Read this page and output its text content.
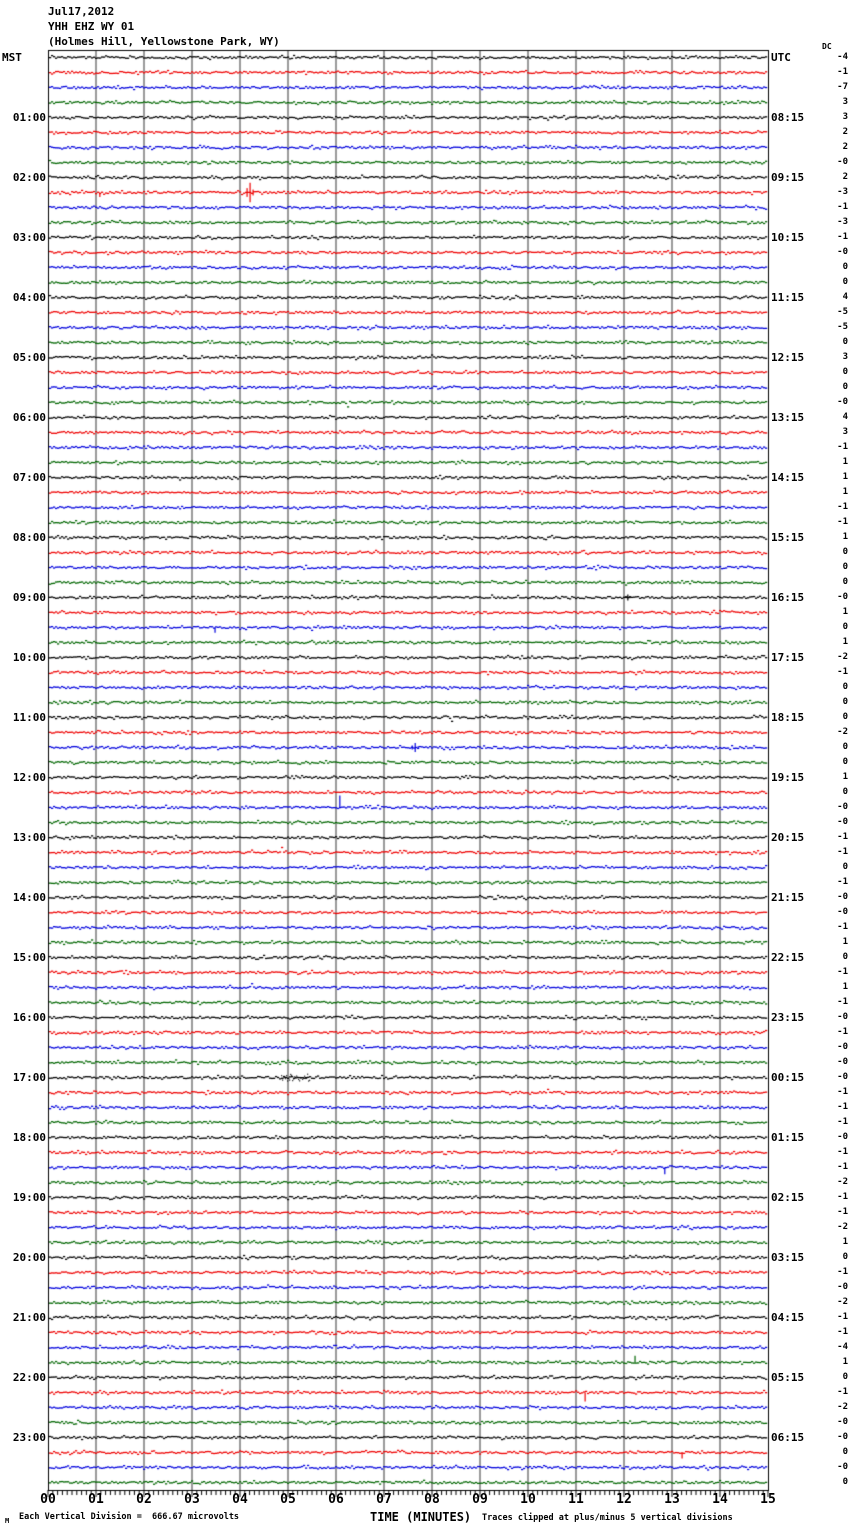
Jul17,2012
YHH EHZ WY 01
(Holmes Hill, Yellowstone Park, WY)
MST
01:00
02:00
03:00
04:00
05:00
06:00
07:00
08:00
09:00
10:00
11:00
12:00
13:00
14:00
15:00
16:00
17:00
18:00
19:00
20:00
21:00
22:00
23:00
UTC
08:15
09:15
10:15
11:15
12:15
13:15
14:15
15:15
16:15
17:15
18:15
19:15
20:15
21:15
22:15
23:15
00:15
01:15
02:15
03:15
04:15
05:15
06:15
-4
-1
-7
3
3
2
2
-0
2
-3
-1
-3
-1
-0
0
0
4
-5
-5
0
3
0
0
-0
4
3
-1
1
1
1
-1
-1
1
0
0
0
-0
1
0
1
-2
-1
0
0
0
-2
0
0
1
0
-0
-0
-1
-1
0
-1
-0
-0
-1
1
0
-1
1
-1
-0
-1
-0
-0
-0
-1
-1
-1
-0
-1
-1
-2
-1
-1
-2
1
0
-1
-0
-2
-1
-1
-4
1
0
-1
-2
-0
-0
0
-0
0
DC
00	01	02	03	04	05	06	07	08	09	10	11	12	13	14	15
TIME (MINUTES)
Each Vertical Division =  666.67 microvolts	Traces clipped at plus/minus 5 vertical divisions
M
